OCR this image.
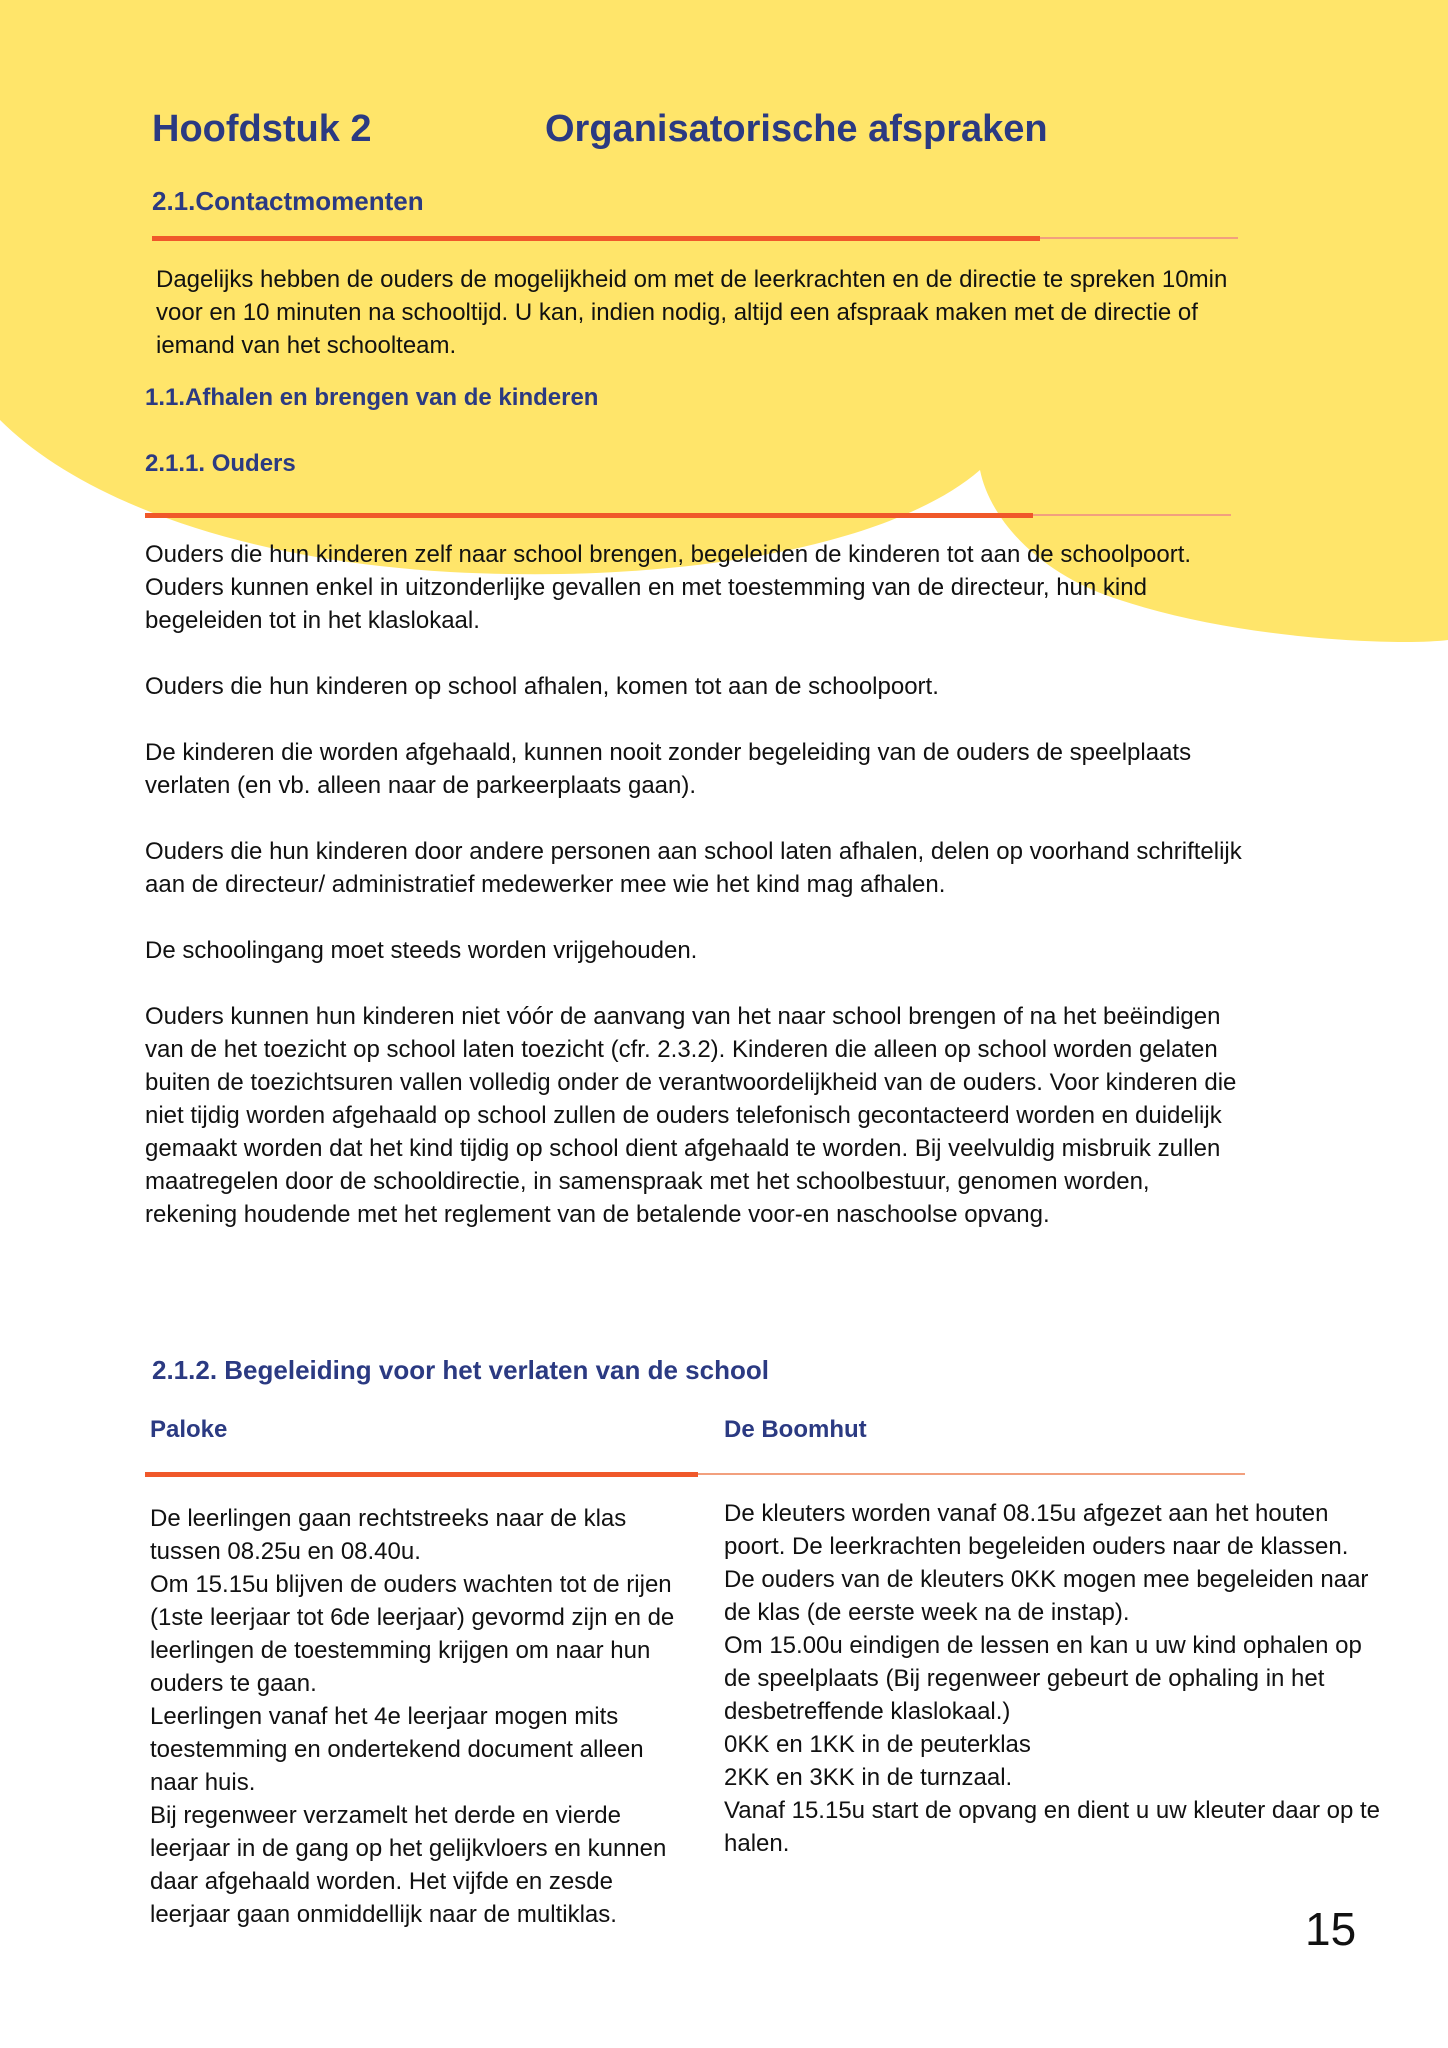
Hoofdstuk 2	Organisatorische afspraken
2.1.Contactmomenten

Dagelijks hebben de ouders de mogelijkheid om met de leerkrachten en de directie te spreken 10min voor en 10 minuten na schooltijd. U kan, indien nodig, altijd een afspraak maken met de directie of iemand van het schoolteam.

1.1.Afhalen en brengen van de kinderen
2.1.1. Ouders

Ouders die hun kinderen zelf naar school brengen, begeleiden de kinderen tot aan de schoolpoort. Ouders kunnen enkel in uitzonderlijke gevallen en met toestemming van de directeur, hun kind begeleiden tot in het klaslokaal.

Ouders die hun kinderen op school afhalen, komen tot aan de schoolpoort.

De kinderen die worden afgehaald, kunnen nooit zonder begeleiding van de ouders de speelplaats verlaten (en vb. alleen naar de parkeerplaats gaan).

Ouders die hun kinderen door andere personen aan school laten afhalen, delen op voorhand schriftelijk aan de directeur/ administratief medewerker mee wie het kind mag afhalen.

De schoolingang moet steeds worden vrijgehouden.

Ouders kunnen hun kinderen niet vóór de aanvang van het naar school brengen of na het beëindigen van de het toezicht op school laten toezicht (cfr. 2.3.2). Kinderen die alleen op school worden gelaten buiten de toezichtsuren vallen volledig onder de verantwoordelijkheid van de ouders. Voor kinderen die niet tijdig worden afgehaald op school zullen de ouders telefonisch gecontacteerd worden en duidelijk gemaakt worden dat het kind tijdig op school dient afgehaald te worden. Bij veelvuldig misbruik zullen maatregelen door de schooldirectie, in samenspraak met het schoolbestuur, genomen worden, rekening houdende met het reglement van de betalende voor-en naschoolse opvang.

2.1.2. Begeleiding voor het verlaten van de school
Paloke	De Boomhut
De leerlingen gaan rechtstreeks naar de klas tussen 08.25u en 08.40u.
Om 15.15u blijven de ouders wachten tot de rijen (1ste leerjaar tot 6de leerjaar) gevormd zijn en de leerlingen de toestemming krijgen om naar hun ouders te gaan.
Leerlingen vanaf het 4e leerjaar mogen mits toestemming en ondertekend document alleen naar huis.
Bij regenweer verzamelt het derde en vierde leerjaar in de gang op het gelijkvloers en kunnen daar afgehaald worden. Het vijfde en zesde leerjaar gaan onmiddellijk naar de multiklas.
De kleuters worden vanaf 08.15u afgezet aan het houten poort. De leerkrachten begeleiden ouders naar de klassen.
De ouders van de kleuters 0KK mogen mee begeleiden naar de klas (de eerste week na de instap).
Om 15.00u eindigen de lessen en kan u uw kind ophalen op de speelplaats (Bij regenweer gebeurt de ophaling in het desbetreffende klaslokaal.)
0KK en 1KK in de peuterklas
2KK en 3KK in de turnzaal.
Vanaf 15.15u start de opvang en dient u uw kleuter daar op te halen.
15
